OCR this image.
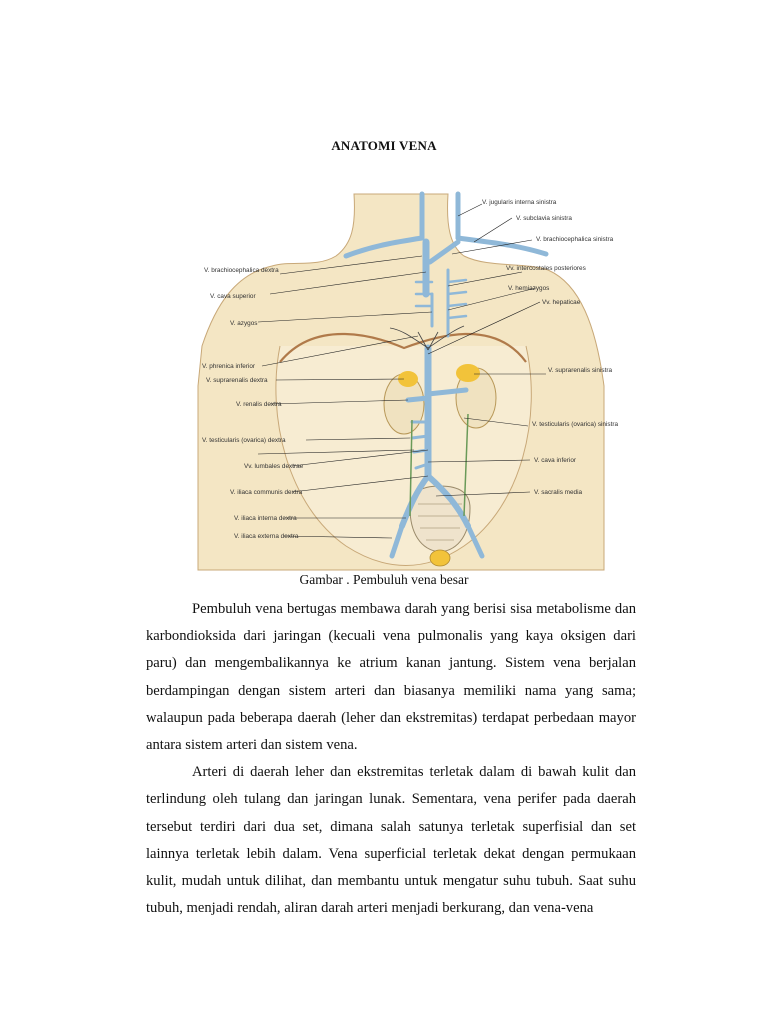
ANATOMI VENA
V. brachiocephalica dextra
V. cava superior
V. azygos
V. phrenica inferior
V. suprarenalis dextra
V. renalis dextra
V. testicularis (ovarica) dextra
Vv. lumbales dextrae
V. iliaca communis dextra
V. iliaca interna dextra
V. iliaca externa dextra
V. jugularis interna sinistra
V. subclavia sinistra
V. brachiocephalica sinistra
Vv. intercostales posteriores
V. hemiazygos
Vv. hepaticae
V. suprarenalis sinistra
V. testicularis (ovarica) sinistra
V. cava inferior
V. sacralis media
Gambar . Pembuluh vena besar

Pembuluh vena bertugas membawa darah yang berisi sisa metabolisme dan karbondioksida dari jaringan (kecuali vena pulmonalis yang kaya oksigen dari paru) dan mengembalikannya ke atrium kanan jantung. Sistem vena berjalan berdampingan dengan sistem arteri dan biasanya memiliki nama yang sama; walaupun pada beberapa daerah (leher dan ekstremitas) terdapat perbedaan mayor antara sistem arteri dan sistem vena.

Arteri di daerah leher dan ekstremitas terletak dalam di bawah kulit dan terlindung oleh tulang dan jaringan lunak. Sementara, vena perifer pada daerah tersebut terdiri dari dua set, dimana salah satunya terletak superfisial dan set lainnya terletak lebih dalam. Vena superficial terletak dekat dengan permukaan kulit, mudah untuk dilihat, dan membantu untuk mengatur suhu tubuh. Saat suhu tubuh, menjadi rendah, aliran darah arteri menjadi berkurang, dan vena-vena
